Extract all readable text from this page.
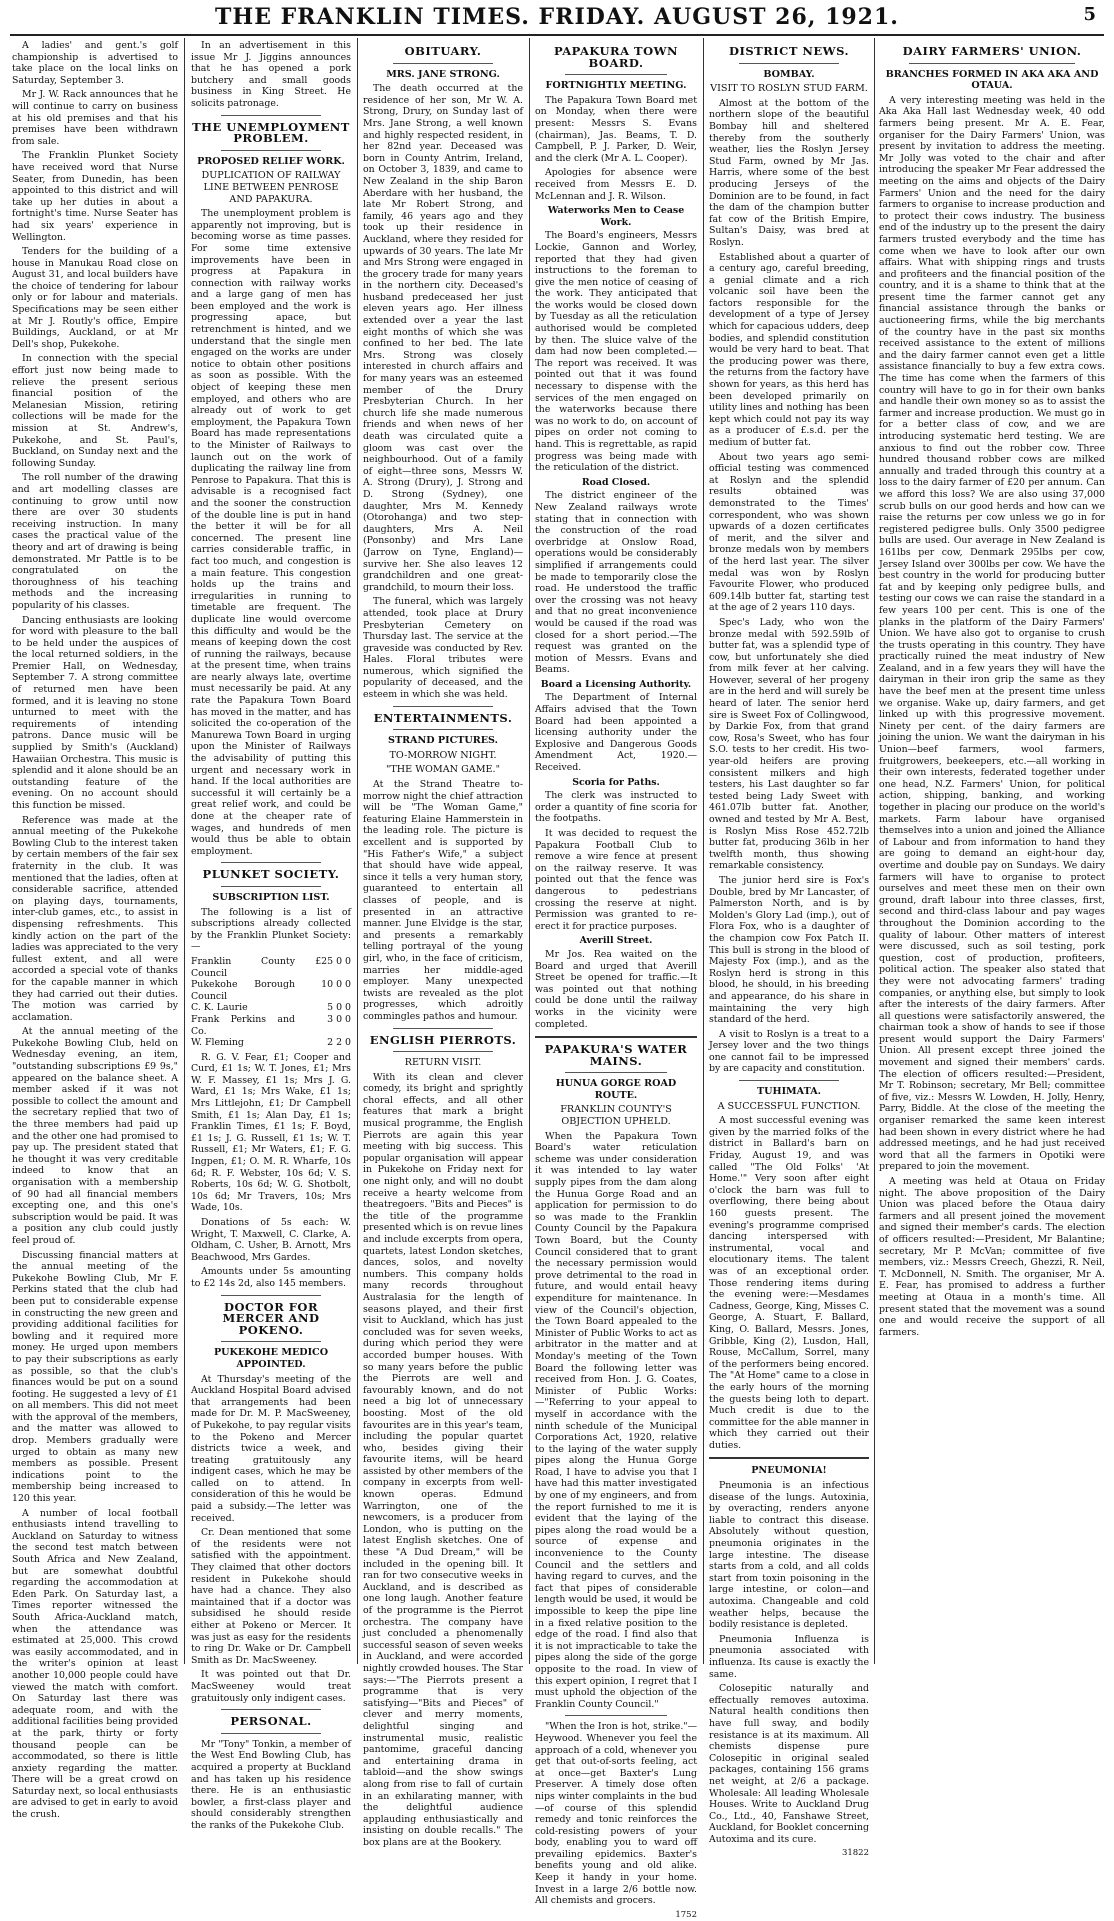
THE FRANKLIN TIMES. FRIDAY. AUGUST 26, 1921.	5

A ladies' and gent.'s golf championship is advertised to take place on the local links on Saturday, September 3.

Mr J. W. Rack announces that he will continue to carry on business at his old premises and that his premises have been withdrawn from sale.

The Franklin Plunket Society have received word that Nurse Seater, from Dunedin, has been appointed to this district and will take up her duties in about a fortnight's time. Nurse Seater has had six years' experience in Wellington.

Tenders for the building of a house in Manukau Road close on August 31, and local builders have the choice of tendering for labour only or for labour and materials. Specifications may be seen either at Mr J. Routly's office, Empire Buildings, Auckland, or at Mr Dell's shop, Pukekohe.

In connection with the special effort just now being made to relieve the present serious financial position of the Melanesian Mission, retiring collections will be made for the mission at St. Andrew's, Pukekohe, and St. Paul's, Buckland, on Sunday next and the following Sunday.

The roll number of the drawing and art modelling classes are continuing to grow until now there are over 30 students receiving instruction. In many cases the practical value of the theory and art of drawing is being demonstrated. Mr Pattle is to be congratulated on the thoroughness of his teaching methods and the increasing popularity of his classes.

Dancing enthusiasts are looking for word with pleasure to the ball to be held under the auspices of the local returned soldiers, in the Premier Hall, on Wednesday, September 7. A strong committee of returned men have been formed, and it is leaving no stone unturned to meet with the requirements of intending patrons. Dance music will be supplied by Smith's (Auckland) Hawaiian Orchestra. This music is splendid and it alone should be an outstanding feature of the evening. On no account should this function be missed.

Reference was made at the annual meeting of the Pukekohe Bowling Club to the interest taken by certain members of the fair sex fraternity in the club. It was mentioned that the ladies, often at considerable sacrifice, attended on playing days, tournaments, inter-club games, etc., to assist in dispensing refreshments. This kindly action on the part of the ladies was appreciated to the very fullest extent, and all were accorded a special vote of thanks for the capable manner in which they had carried out their duties. The motion was carried by acclamation.

At the annual meeting of the Pukekohe Bowling Club, held on Wednesday evening, an item, "outstanding subscriptions £9 9s," appeared on the balance sheet. A member asked if it was not possible to collect the amount and the secretary replied that two of the three members had paid up and the other one had promised to pay up. The president stated that he thought it was very creditable indeed to know that an organisation with a membership of 90 had all financial members excepting one, and this one's subscription would be paid. It was a position any club could justly feel proud of.

Discussing financial matters at the annual meeting of the Pukekohe Bowling Club, Mr F. Perkins stated that the club had been put to considerable expense in constructing the new green and providing additional facilities for bowling and it required more money. He urged upon members to pay their subscriptions as early as possible, so that the club's finances would be put on a sound footing. He suggested a levy of £1 on all members. This did not meet with the approval of the members, and the matter was allowed to drop. Members gradually were urged to obtain as many new members as possible. Present indications point to the membership being increased to 120 this year.

A number of local football enthusiasts intend travelling to Auckland on Saturday to witness the second test match between South Africa and New Zealand, but are somewhat doubtful regarding the accommodation at Eden Park. On Saturday last, a Times reporter witnessed the South Africa-Auckland match, when the attendance was estimated at 25,000. This crowd was easily accommodated, and in the writer's opinion at least another 10,000 people could have viewed the match with comfort. On Saturday last there was adequate room, and with the additional facilities being provided at the park, thirty or forty thousand people can be accommodated, so there is little anxiety regarding the matter. There will be a great crowd on Saturday next, so local enthusiasts are advised to get in early to avoid the crush.

In an advertisement in this issue Mr J. Jiggins announces that he has opened a pork butchery and small goods business in King Street. He solicits patronage.

THE UNEMPLOYMENT PROBLEM.
PROPOSED RELIEF WORK.
DUPLICATION OF RAILWAY LINE BETWEEN PENROSE AND PAPAKURA.

The unemployment problem is apparently not improving, but is becoming worse as time passes. For some time extensive improvements have been in progress at Papakura in connection with railway works and a large gang of men has been employed and the work is progressing apace, but retrenchment is hinted, and we understand that the single men engaged on the works are under notice to obtain other positions as soon as possible. With the object of keeping these men employed, and others who are already out of work to get employment, the Papakura Town Board has made representations to the Minister of Railways to launch out on the work of duplicating the railway line from Penrose to Papakura. That this is advisable is a recognised fact and the sooner the construction of the double line is put in hand the better it will be for all concerned. The present line carries considerable traffic, in fact too much, and congestion is a main feature. This congestion holds up the trains and irregularities in running to timetable are frequent. The duplicate line would overcome this difficulty and would be the means of keeping down the cost of running the railways, because at the present time, when trains are nearly always late, overtime must necessarily be paid. At any rate the Papakura Town Board has moved in the matter, and has solicited the co-operation of the Manurewa Town Board in urging upon the Minister of Railways the advisability of putting this urgent and necessary work in hand. If the local authorities are successful it will certainly be a great relief work, and could be done at the cheaper rate of wages, and hundreds of men would thus be able to obtain employment.

PLUNKET SOCIETY.
SUBSCRIPTION LIST.

The following is a list of subscriptions already collected by the Franklin Plunket Society:—

Franklin County Council
£25 0 0
Pukekohe Borough Council
10 0 0
C. K. Laurie	5 0 0
Frank Perkins and Co.
3 0 0
W. Fleming	2 2 0

R. G. V. Fear, £1; Cooper and Curd, £1 1s; W. T. Jones, £1; Mrs W. F. Massey, £1 1s; Mrs J. G. Ward, £1 1s; Mrs Wake, £1 1s; Mrs Littlejohn, £1; Dr Campbell Smith, £1 1s; Alan Day, £1 1s; Franklin Times, £1 1s; F. Boyd, £1 1s; J. G. Russell, £1 1s; W. T. Russell, £1; Mr Waters, £1; F. G. Ingpen, £1; O. M. R. Wharfe, 10s 6d; R. F. Webster, 10s 6d; V. S. Roberts, 10s 6d; W. G. Shotbolt, 10s 6d; Mr Travers, 10s; Mrs Wade, 10s.

Donations of 5s each: W. Wright, T. Maxwell, C. Clarke, A. Oldham, C. Usher, B. Arnott, Mrs Beachwood, Mrs Gardes.

Amounts under 5s amounting to £2 14s 2d, also 145 members.

DOCTOR FOR MERCER AND POKENO.
PUKEKOHE MEDICO APPOINTED.

At Thursday's meeting of the Auckland Hospital Board advised that arrangements had been made for Dr. M. P. MacSweeney, of Pukekohe, to pay regular visits to the Pokeno and Mercer districts twice a week, and treating gratuitously any indigent cases, which he may be called on to attend. In consideration of this he would be paid a subsidy.—The letter was received.

Cr. Dean mentioned that some of the residents were not satisfied with the appointment. They claimed that other doctors resident in Pukekohe should have had a chance. They also maintained that if a doctor was subsidised he should reside either at Pokeno or Mercer. It was just as easy for the residents to ring Dr. Wake or Dr. Campbell Smith as Dr. MacSweeney.

It was pointed out that Dr. MacSweeney would treat gratuitously only indigent cases.

PERSONAL.

Mr "Tony" Tonkin, a member of the West End Bowling Club, has acquired a property at Buckland and has taken up his residence there. He is an enthusiastic bowler, a first-class player and should considerably strengthen the ranks of the Pukekohe Club.

OBITUARY.
MRS. JANE STRONG.

The death occurred at the residence of her son, Mr W. A. Strong, Drury, on Sunday last of Mrs. Jane Strong, a well known and highly respected resident, in her 82nd year. Deceased was born in County Antrim, Ireland, on October 3, 1839, and came to New Zealand in the ship Baron Aberdare with her husband, the late Mr Robert Strong, and family, 46 years ago and they took up their residence in Auckland, where they resided for upwards of 30 years. The late Mr and Mrs Strong were engaged in the grocery trade for many years in the northern city. Deceased's husband predeceased her just eleven years ago. Her illness extended over a year the last eight months of which she was confined to her bed. The late Mrs. Strong was closely interested in church affairs and for many years was an esteemed member of the Drury Presbyterian Church. In her church life she made numerous friends and when news of her death was circulated quite a gloom was cast over the neighbourhood. Out of a family of eight—three sons, Messrs W. A. Strong (Drury), J. Strong and D. Strong (Sydney), one daughter, Mrs M. Kennedy (Otorohanga) and two step-daughters, Mrs A. Neil (Ponsonby) and Mrs Lane (Jarrow on Tyne, England)—survive her. She also leaves 12 grandchildren and one great-grandchild, to mourn their loss.

The funeral, which was largely attended, took place at Drury Presbyterian Cemetery on Thursday last. The service at the graveside was conducted by Rev. Hales. Floral tributes were numerous, which signified the popularity of deceased, and the esteem in which she was held.

ENTERTAINMENTS.
STRAND PICTURES.
TO-MORROW NIGHT.
"THE WOMAN GAME."

At the Strand Theatre to-morrow night the chief attraction will be "The Woman Game," featuring Elaine Hammerstein in the leading role. The picture is excellent and is supported by "His Father's Wife," a subject that should have wide appeal, since it tells a very human story, guaranteed to entertain all classes of people, and is presented in an attractive manner. June Elvidge is the star, and presents a remarkably telling portrayal of the young girl, who, in the face of criticism, marries her middle-aged employer. Many unexpected twists are revealed as the plot progresses, which adroitly commingles pathos and humour.

ENGLISH PIERROTS.
RETURN VISIT.

With its clean and clever comedy, its bright and sprightly choral effects, and all other features that mark a bright musical programme, the English Pierrots are again this year meeting with big success. This popular organisation will appear in Pukekohe on Friday next for one night only, and will no doubt receive a hearty welcome from theatregoers. "Bits and Pieces" is the title of the programme presented which is on revue lines and include excerpts from opera, quartets, latest London sketches, dances, solos, and novelty numbers. This company holds many records throughout Australasia for the length of seasons played, and their first visit to Auckland, which has just concluded was for seven weeks, during which period they were accorded bumper houses. With so many years before the public the Pierrots are well and favourably known, and do not need a big lot of unnecessary boosting. Most of the old favourites are in this year's team, including the popular quartet who, besides giving their favourite items, will be heard assisted by other members of the company in excerpts from well-known operas. Edmund Warrington, one of the newcomers, is a producer from London, who is putting on the latest English sketches. One of these "A Dud Dream," will be included in the opening bill. It ran for two consecutive weeks in Auckland, and is described as one long laugh. Another feature of the programme is the Pierrot orchestra. The company have just concluded a phenomenally successful season of seven weeks in Auckland, and were accorded nightly crowded houses. The Star says:—"The Pierrots present a programme that is very satisfying—"Bits and Pieces" of clever and merry moments, delightful singing and instrumental music, realistic pantomime, graceful dancing and entertaining drama in tabloid—and the show swings along from rise to fall of curtain in an exhilarating manner, with the delightful audience applauding enthusiastically and insisting on double recalls." The box plans are at the Bookery.

PAPAKURA TOWN BOARD.
FORTNIGHTLY MEETING.

The Papakura Town Board met on Monday, when there were present: Messrs S. Evans (chairman), Jas. Beams, T. D. Campbell, P. J. Parker, D. Weir, and the clerk (Mr A. L. Cooper).

Apologies for absence were received from Messrs E. D. McLennan and J. R. Wilson.

Waterworks Men to Cease Work.

The Board's engineers, Messrs Lockie, Gannon and Worley, reported that they had given instructions to the foreman to give the men notice of ceasing of the work. They anticipated that the works would be closed down by Tuesday as all the reticulation authorised would be completed by then. The sluice valve of the dam had now been completed.—The report was received. It was pointed out that it was found necessary to dispense with the services of the men engaged on the waterworks because there was no work to do, on account of pipes on order not coming to hand. This is regrettable, as rapid progress was being made with the reticulation of the district.

Road Closed.

The district engineer of the New Zealand railways wrote stating that in connection with the construction of the road overbridge at Onslow Road, operations would be considerably simplified if arrangements could be made to temporarily close the road. He understood the traffic over the crossing was not heavy and that no great inconvenience would be caused if the road was closed for a short period.—The request was granted on the motion of Messrs. Evans and Beams.

Board a Licensing Authority.

The Department of Internal Affairs advised that the Town Board had been appointed a licensing authority under the Explosive and Dangerous Goods Amendment Act, 1920.—Received.

Scoria for Paths.

The clerk was instructed to order a quantity of fine scoria for the footpaths.

It was decided to request the Papakura Football Club to remove a wire fence at present on the railway reserve. It was pointed out that the fence was dangerous to pedestrians crossing the reserve at night. Permission was granted to re-erect it for practice purposes.

Averill Street.

Mr Jos. Rea waited on the Board and urged that Averill Street be opened for traffic.—It was pointed out that nothing could be done until the railway works in the vicinity were completed.

PAPAKURA'S WATER MAINS.
HUNUA GORGE ROAD ROUTE.
FRANKLIN COUNTY'S OBJECTION UPHELD.

When the Papakura Town Board's water reticulation scheme was under consideration it was intended to lay water supply pipes from the dam along the Hunua Gorge Road and an application for permission to do so was made to the Franklin County Council by the Papakura Town Board, but the County Council considered that to grant the necessary permission would prove detrimental to the road in future, and would entail heavy expenditure for maintenance. In view of the Council's objection, the Town Board appealed to the Minister of Public Works to act as arbitrator in the matter and at Monday's meeting of the Town Board the following letter was received from Hon. J. G. Coates, Minister of Public Works:—"Referring to your appeal to myself in accordance with the ninth schedule of the Municipal Corporations Act, 1920, relative to the laying of the water supply pipes along the Hunua Gorge Road, I have to advise you that I have had this matter investigated by one of my engineers, and from the report furnished to me it is evident that the laying of the pipes along the road would be a source of expense and inconvenience to the County Council and the settlers and having regard to curves, and the fact that pipes of considerable length would be used, it would be impossible to keep the pipe line in a fixed relative position to the edge of the road. I find also that it is not impracticable to take the pipes along the side of the gorge opposite to the road. In view of this expert opinion, I regret that I must uphold the objection of the Franklin County Council."

"When the Iron is hot, strike."—Heywood. Whenever you feel the approach of a cold, whenever you get that out-of-sorts feeling, act at once—get Baxter's Lung Preserver. A timely dose often nips winter complaints in the bud—of course of this splendid remedy and tonic reinforces the cold-resisting powers of your body, enabling you to ward off prevailing epidemics. Baxter's benefits young and old alike. Keep it handy in your home. Invest in a large 2/6 bottle now. All chemists and grocers.

1752

DISTRICT NEWS.
BOMBAY.
VISIT TO ROSLYN STUD FARM.

Almost at the bottom of the northern slope of the beautiful Bombay hill and sheltered thereby from the southerly weather, lies the Roslyn Jersey Stud Farm, owned by Mr Jas. Harris, where some of the best producing Jerseys of the Dominion are to be found, in fact the dam of the champion butter fat cow of the British Empire, Sultan's Daisy, was bred at Roslyn.

Established about a quarter of a century ago, careful breeding, a genial climate and a rich volcanic soil have been the factors responsible for the development of a type of Jersey which for capacious udders, deep bodies, and splendid constitution would be very hard to beat. That the producing power was there, the returns from the factory have shown for years, as this herd has been developed primarily on utility lines and nothing has been kept which could not pay its way as a producer of £.s.d. per the medium of butter fat.

About two years ago semi-official testing was commenced at Roslyn and the splendid results obtained was demonstrated to the Times' correspondent, who was shown upwards of a dozen certificates of merit, and the silver and bronze medals won by members of the herd last year. The silver medal was won by Roslyn Favourite Flower, who produced 609.14lb butter fat, starting test at the age of 2 years 110 days.

Spec's Lady, who won the bronze medal with 592.59lb of butter fat, was a splendid type of cow, but unfortunately she died from milk fever at her calving. However, several of her progeny are in the herd and will surely be heard of later. The senior herd sire is Sweet Fox of Collingwood, by Darkie Fox, from that grand cow, Rosa's Sweet, who has four S.O. tests to her credit. His two-year-old heifers are proving consistent milkers and high testers, his Last daughter so far tested being Lady Sweet with 461.07lb butter fat. Another, owned and tested by Mr A. Best, is Roslyn Miss Rose 452.72lb butter fat, producing 36lb in her twelfth month, thus showing remarkable consistency.

The junior herd sire is Fox's Double, bred by Mr Lancaster, of Palmerston North, and is by Molden's Glory Lad (imp.), out of Flora Fox, who is a daughter of the champion cow Fox Patch II. This bull is strong in the blood of Majesty Fox (imp.), and as the Roslyn herd is strong in this blood, he should, in his breeding and appearance, do his share in maintaining the very high standard of the herd.

A visit to Roslyn is a treat to a Jersey lover and the two things one cannot fail to be impressed by are capacity and constitution.

TUHIMATA.
A SUCCESSFUL FUNCTION.

A most successful evening was given by the married folks of the district in Ballard's barn on Friday, August 19, and was called "The Old Folks' 'At Home.'" Very soon after eight o'clock the barn was full to overflowing, there being about 160 guests present. The evening's programme comprised dancing interspersed with instrumental, vocal and elocutionary items. The talent was of an exceptional order. Those rendering items during the evening were:—Mesdames Cadness, George, King, Misses C. George, A. Stuart, F. Ballard, King, O. Ballard, Messrs. Jones, Gribble, King (2), Lusdon, Hall, Rouse, McCallum, Sorrel, many of the performers being encored. The "At Home" came to a close in the early hours of the morning the guests being loth to depart. Much credit is due to the committee for the able manner in which they carried out their duties.

PNEUMONIA!

Pneumonia is an infectious disease of the lungs. Autoxinia, by overacting, renders anyone liable to contract this disease. Absolutely without question, pneumonia originates in the large intestine. The disease starts from a cold, and all colds start from toxin poisoning in the large intestine, or colon—and autoxima. Changeable and cold weather helps, because the bodily resistance is depleted.

Pneumonia Influenza is pneumonia associated with influenza. Its cause is exactly the same.

Colosepitic naturally and effectually removes autoxima. Natural health conditions then have full sway, and bodily resistance is at its maximum. All chemists dispense pure Colosepitic in original sealed packages, containing 156 grams net weight, at 2/6 a package. Wholesale: All leading Wholesale Houses. Write to Auckland Drug Co., Ltd., 40, Fanshawe Street, Auckland, for Booklet concerning Autoxima and its cure.

31822

DAIRY FARMERS' UNION.
BRANCHES FORMED IN AKA AKA AND OTAUA.

A very interesting meeting was held in the Aka Aka Hall last Wednesday week, 40 odd farmers being present. Mr A. E. Fear, organiser for the Dairy Farmers' Union, was present by invitation to address the meeting. Mr Jolly was voted to the chair and after introducing the speaker Mr Fear addressed the meeting on the aims and objects of the Dairy Farmers' Union and the need for the dairy farmers to organise to increase production and to protect their cows industry. The business end of the industry up to the present the dairy farmers trusted everybody and the time has come when we have to look after our own affairs. What with shipping rings and trusts and profiteers and the financial position of the country, and it is a shame to think that at the present time the farmer cannot get any financial assistance through the banks or auctioneering firms, while the big merchants of the country have in the past six months received assistance to the extent of millions and the dairy farmer cannot even get a little assistance financially to buy a few extra cows. The time has come when the farmers of this country will have to go in for their own banks and handle their own money so as to assist the farmer and increase production. We must go in for a better class of cow, and we are introducing systematic herd testing. We are anxious to find out the robber cow. Three hundred thousand robber cows are milked annually and traded through this country at a loss to the dairy farmer of £20 per annum. Can we afford this loss? We are also using 37,000 scrub bulls on our good herds and how can we raise the returns per cow unless we go in for registered pedigree bulls. Only 3500 pedigree bulls are used. Our average in New Zealand is 161lbs per cow, Denmark 295lbs per cow, Jersey Island over 300lbs per cow. We have the best country in the world for producing butter fat and by keeping only pedigree bulls, and testing our cows we can raise the standard in a few years 100 per cent. This is one of the planks in the platform of the Dairy Farmers' Union. We have also got to organise to crush the trusts operating in this country. They have practically ruined the meat industry of New Zealand, and in a few years they will have the dairyman in their iron grip the same as they have the beef men at the present time unless we organise. Wake up, dairy farmers, and get linked up with this progressive movement. Ninety per cent. of the dairy farmers are joining the union. We want the dairyman in his Union—beef farmers, wool farmers, fruitgrowers, beekeepers, etc.—all working in their own interests, federated together under one head, N.Z. Farmers' Union, for political action, shipping, banking, and working together in placing our produce on the world's markets. Farm labour have organised themselves into a union and joined the Alliance of Labour and from information to hand they are going to demand an eight-hour day, overtime and double pay on Sundays. We dairy farmers will have to organise to protect ourselves and meet these men on their own ground, draft labour into three classes, first, second and third-class labour and pay wages throughout the Dominion according to the quality of labour. Other matters of interest were discussed, such as soil testing, pork question, cost of production, profiteers, political action. The speaker also stated that they were not advocating farmers' trading companies, or anything else, but simply to look after the interests of the dairy farmers. After all questions were satisfactorily answered, the chairman took a show of hands to see if those present would support the Dairy Farmers' Union. All present except three joined the movement and signed their members' cards. The election of officers resulted:—President, Mr T. Robinson; secretary, Mr Bell; committee of five, viz.: Messrs W. Lowden, H. Jolly, Henry, Parry, Biddle. At the close of the meeting the organiser remarked the same keen interest had been shown in every district where he had addressed meetings, and he had just received word that all the farmers in Opotiki were prepared to join the movement.

A meeting was held at Otaua on Friday night. The above proposition of the Dairy Union was placed before the Otaua dairy farmers and all present joined the movement and signed their member's cards. The election of officers resulted:—President, Mr Balantine; secretary, Mr P. McVan; committee of five members, viz.: Messrs Creech, Ghezzi, R. Neil, T. McDonnell, N. Smith. The organiser, Mr A. E. Fear, has promised to address a further meeting at Otaua in a month's time. All present stated that the movement was a sound one and would receive the support of all farmers.
